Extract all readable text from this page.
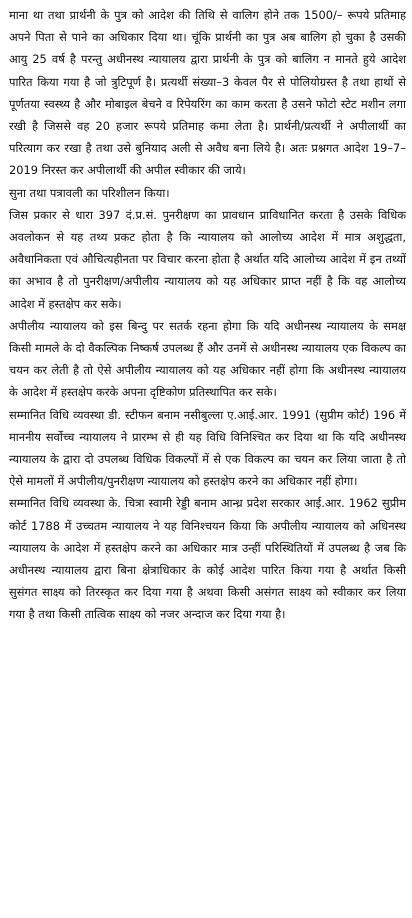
माना था तथा प्रार्थनी के पुत्र को आदेश की तिथि से वालिग होने तक 1500/– रूपये प्रतिमाह अपने पिता से पाने का अधिकार दिया था। चूंकि प्रार्थनी का पुत्र अब बालिग हो चुका है उसकी आयु 25 वर्ष है परन्तु अधीनस्थ न्यायालय द्वारा प्रार्थनी के पुत्र को बालिग न मानते हुये आदेश पारित किया गया है जो त्रुटिपूर्ण है। प्रत्यर्थी संख्या–3 केवल पैर से पोलियोग्रस्त है तथा हाथों से पूर्णतया स्वस्थ्य है और मोबाइल बेचने व रिपेयरिंग का काम करता है उसने फोटो स्टेट मशीन लगा रखी है जिससे वह 20 हजार रूपये प्रतिमाह कमा लेता है। प्रार्थनी/प्रत्यर्थी ने अपीलार्थी का परित्याग कर रखा है तथा उसे बुनियाद अली से अवैध बना लिये है। अतः प्रश्नगत आदेश 19–7–2019 निरस्त कर अपीलार्थी की अपील स्वीकार की जाये।

सुना तथा पत्रावली का परिशीलन किया।

जिस प्रकार से धारा 397 दं.प्र.सं. पुनरीक्षण का प्रावधान प्राविधानित करता है उसके विधिक अवलोकन से यह तथ्य प्रकट होता है कि न्यायालय को आलोच्य आदेश में मात्र अशुद्धता, अवैधानिकता एवं औचित्यहीनता पर विचार करना होता है अर्थात यदि आलोच्य आदेश में इन तथ्यों का अभाव है तो पुनरीक्षण/अपीलीय न्यायालय को यह अधिकार प्राप्त नहीं है कि वह आलोच्य आदेश में हस्तक्षेप कर सके।

अपीलीय न्यायालय को इस बिन्दु पर सतर्क रहना होगा कि यदि अधीनस्थ न्यायालय के समक्ष किसी मामले के दो वैकल्पिक निष्कर्ष उपलब्ध हैं और उनमें से अधीनस्थ न्यायालय एक विकल्प का चयन कर लेती है तो ऐसे अपीलीय न्यायालय को यह अधिकार नहीं होगा कि अधीनस्थ न्यायालय के आदेश में हस्तक्षेप करके अपना दृष्टिकोण प्रतिस्थापित कर सके।

सम्मानित विधि व्यवस्था डी. स्टीफन बनाम नसीबुल्ला ए.आई.आर. 1991 (सुप्रीम कोर्ट) 196 में माननीय सर्वोच्च न्यायालय ने प्रारम्भ से ही यह विधि विनिश्चित कर दिया था कि यदि अधीनस्थ न्यायालय के द्वारा दो उपलब्ध विधिक विकल्पों में से एक विकल्प का चयन कर लिया जाता है तो ऐसे मामलों में अपीलीय/पुनरीक्षण न्यायालय को हस्तक्षेप करने का अधिकार नहीं होगा।

सम्मानित विधि व्यवस्था के. चित्रा स्वामी रेड्डी बनाम आन्ध्र प्रदेश सरकार आई.आर. 1962 सुप्रीम कोर्ट 1788 में उच्चतम न्यायालय ने यह विनिश्चयन किया कि अपीलीय न्यायालय को अधिनस्थ न्यायालय के आदेश में हस्तक्षेप करने का अधिकार मात्र उन्हीं परिस्थितियों में उपलब्ध है जब कि अधीनस्थ न्यायालय द्वारा बिना क्षेत्राधिकार के कोई आदेश पारित किया गया है अर्थात किसी सुसंगत साक्ष्य को तिरस्कृत कर दिया गया है अथवा किसी असंगत साक्ष्य को स्वीकार कर लिया गया है तथा किसी तात्विक साक्ष्य को नजर अन्दाज कर दिया गया है।
